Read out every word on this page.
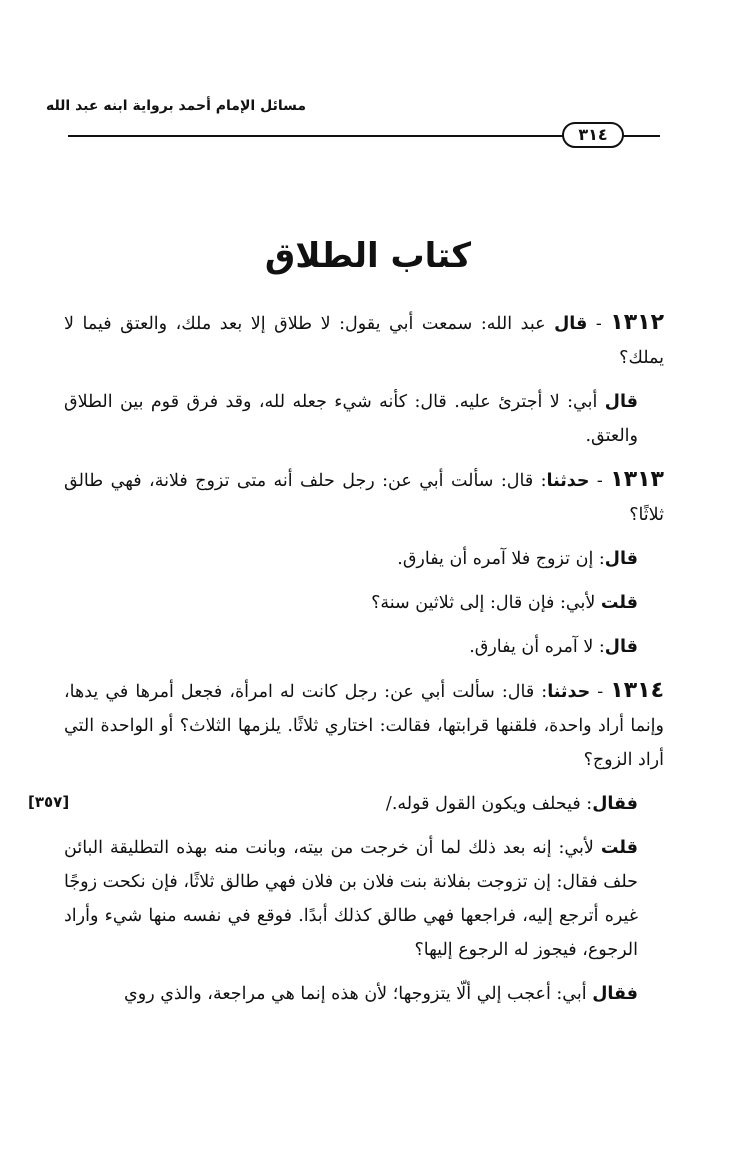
مسائل الإمام أحمد برواية ابنه عبد الله
٣١٤
كتاب الطلاق
[٣٥٧]

١٣١٢ - قال عبد الله: سمعت أبي يقول: لا طلاق إلا بعد ملك، والعتق فيما لا يملك؟

قال أبي: لا أجترئ عليه. قال: كأنه شيء جعله لله، وقد فرق قوم بين الطلاق والعتق.

١٣١٣ - حدثنا: قال: سألت أبي عن: رجل حلف أنه متى تزوج فلانة، فهي طالق ثلاثًا؟

قال: إن تزوج فلا آمره أن يفارق.

قلت لأبي: فإن قال: إلى ثلاثين سنة؟

قال: لا آمره أن يفارق.

١٣١٤ - حدثنا: قال: سألت أبي عن: رجل كانت له امرأة، فجعل أمرها في يدها، وإنما أراد واحدة، فلقنها قرابتها، فقالت: اختاري ثلاثًا. يلزمها الثلاث؟ أو الواحدة التي أراد الزوج؟

فقال: فيحلف ويكون القول قوله./

قلت لأبي: إنه بعد ذلك لما أن خرجت من بيته، وبانت منه بهذه التطليقة البائن حلف فقال: إن تزوجت بفلانة بنت فلان بن فلان فهي طالق ثلاثًا، فإن نكحت زوجًا غيره أترجع إليه، فراجعها فهي طالق كذلك أبدًا. فوقع في نفسه منها شيء وأراد الرجوع، فيجوز له الرجوع إليها؟

فقال أبي: أعجب إلي ألّا يتزوجها؛ لأن هذه إنما هي مراجعة، والذي روي
